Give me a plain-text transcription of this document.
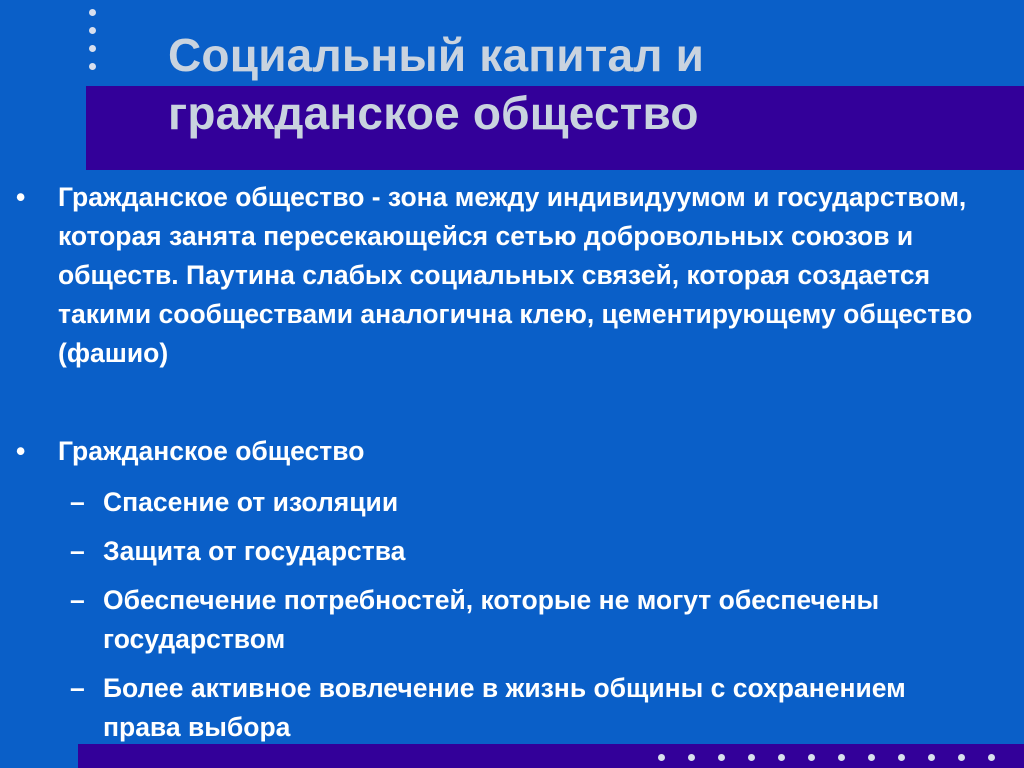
Социальный капитал и
гражданское общество
•	Гражданское общество - зона между индивидуумом и государством, которая занята пересекающейся сетью добровольных союзов и обществ. Паутина слабых социальных связей, которая создается такими сообществами аналогична клею, цементирующему общество (фашио)
•	Гражданское общество
– Спасение от изоляции
– Защита от государства
– Обеспечение потребностей, которые не могут обеспечены государством
– Более активное вовлечение в жизнь общины с сохранением права выбора
